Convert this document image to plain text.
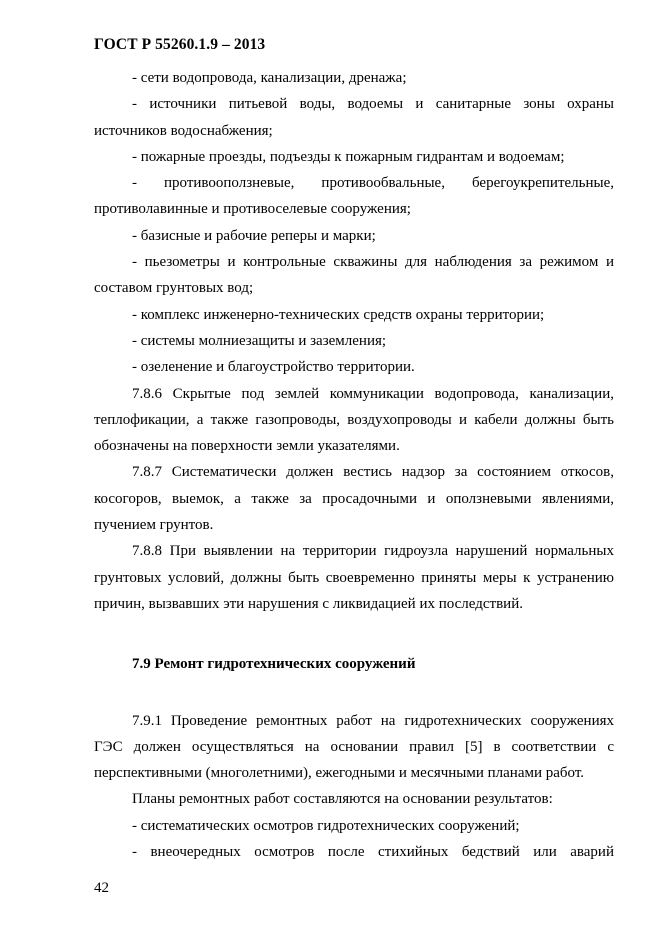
ГОСТ Р 55260.1.9 – 2013

- сети водопровода, канализации, дренажа;

- источники питьевой воды, водоемы и санитарные зоны охраны источников водоснабжения;

- пожарные проезды, подъезды к пожарным гидрантам и водоемам;

- противооползневые, противообвальные, берегоукрепительные, противолавинные и противоселевые сооружения;

- базисные и рабочие реперы и марки;

- пьезометры и контрольные скважины для наблюдения за режимом и составом грунтовых вод;

- комплекс инженерно-технических средств охраны территории;

- системы молниезащиты и заземления;

- озеленение и благоустройство территории.

7.8.6 Скрытые под землей коммуникации водопровода, канализации, теплофикации, а также газопроводы, воздухопроводы и кабели должны быть обозначены на поверхности земли указателями.

7.8.7 Систематически должен вестись надзор за состоянием откосов, косогоров, выемок, а также за просадочными и оползневыми явлениями, пучением грунтов.

7.8.8 При выявлении на территории гидроузла нарушений нормальных грунтовых условий, должны быть своевременно приняты меры к устранению причин, вызвавших эти нарушения с ликвидацией их последствий.

7.9 Ремонт гидротехнических сооружений

7.9.1 Проведение ремонтных работ на гидротехнических сооружениях ГЭС должен осуществляться на основании правил [5] в соответствии с перспективными (многолетними), ежегодными и месячными планами работ.

Планы ремонтных работ составляются на основании результатов:

- систематических осмотров гидротехнических сооружений;

- внеочередных осмотров после стихийных бедствий или аварий

42
